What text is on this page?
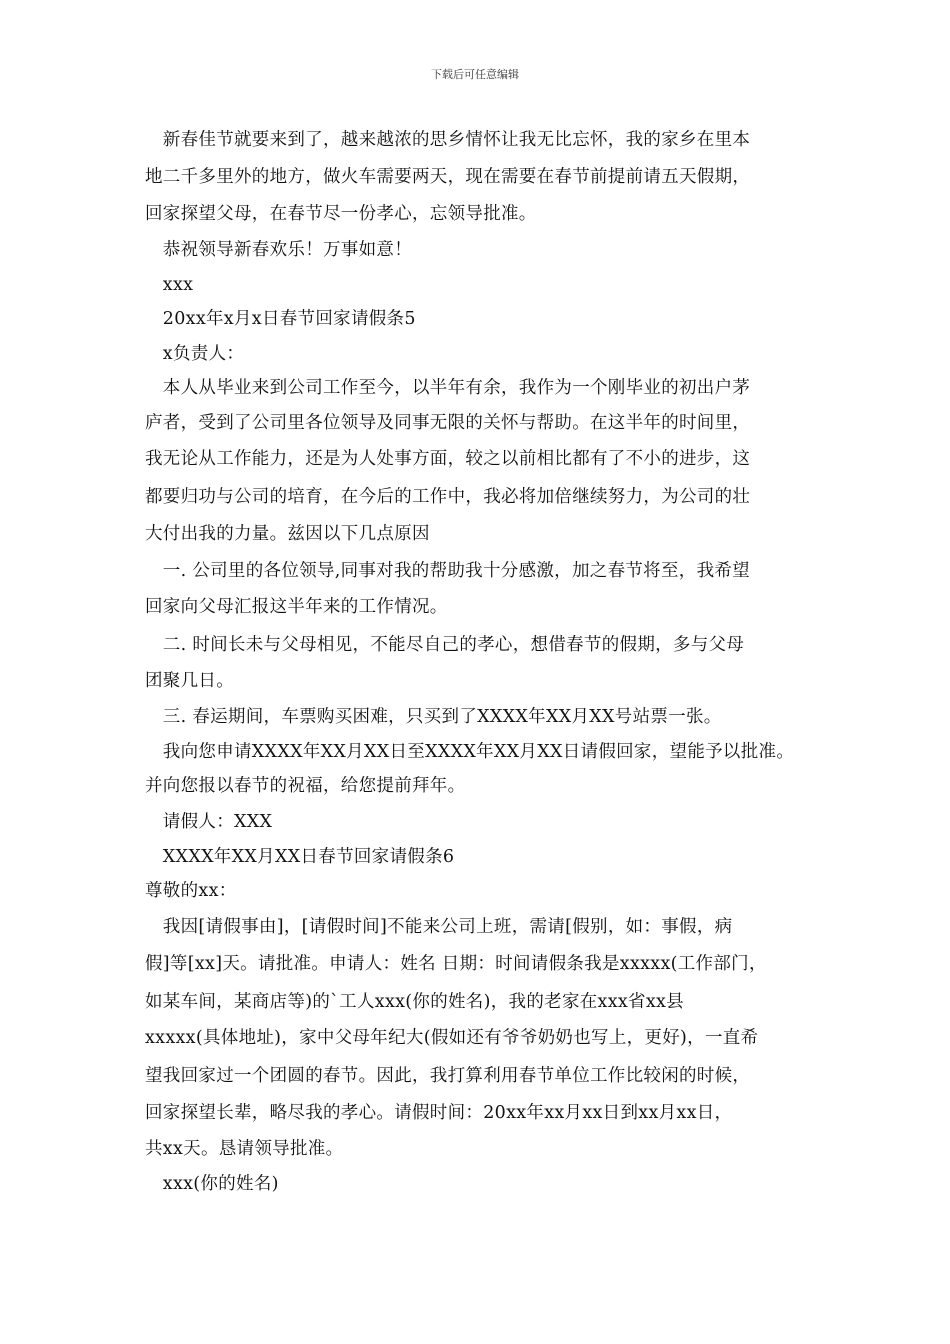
下载后可任意编辑
　新春佳节就要来到了，越来越浓的思乡情怀让我无比忘怀，我的家乡在里本
地二千多里外的地方，做火车需要两天，现在需要在春节前提前请五天假期，
回家探望父母，在春节尽一份孝心，忘领导批准。
　恭祝领导新春欢乐！万事如意！
　xxx
　20xx年x月x日春节回家请假条5
　x负责人：
　本人从毕业来到公司工作至今，以半年有余，我作为一个刚毕业的初出户茅
庐者，受到了公司里各位领导及同事无限的关怀与帮助。在这半年的时间里，
我无论从工作能力，还是为人处事方面，较之以前相比都有了不小的进步，这
都要归功与公司的培育，在今后的工作中，我必将加倍继续努力，为公司的壮
大付出我的力量。兹因以下几点原因
　一. 公司里的各位领导,同事对我的帮助我十分感激，加之春节将至，我希望
回家向父母汇报这半年来的工作情况。
　二. 时间长未与父母相见，不能尽自己的孝心，想借春节的假期，多与父母
团聚几日。
　三. 春运期间，车票购买困难，只买到了XXXX年XX月XX号站票一张。
　我向您申请XXXX年XX月XX日至XXXX年XX月XX日请假回家，望能予以批准。
并向您报以春节的祝福，给您提前拜年。
　请假人：XXX
　XXXX年XX月XX日春节回家请假条6
尊敬的xx：
　我因[请假事由]，[请假时间]不能来公司上班，需请[假别，如：事假，病
假]等[xx]天。请批准。申请人：姓名 日期：时间请假条我是xxxxx(工作部门，
如某车间，某商店等)的`工人xxx(你的姓名)，我的老家在xxx省xx县
xxxxx(具体地址)，家中父母年纪大(假如还有爷爷奶奶也写上，更好)，一直希
望我回家过一个团圆的春节。因此，我打算利用春节单位工作比较闲的时候，
回家探望长辈，略尽我的孝心。请假时间：20xx年xx月xx日到xx月xx日，
共xx天。恳请领导批准。
　xxx(你的姓名)
